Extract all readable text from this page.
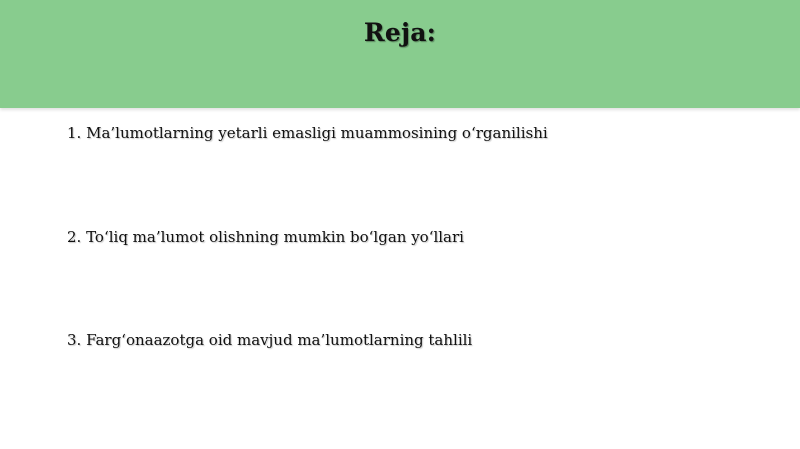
Reja:
1. Ma’lumotlarning yetarli emasligi muammosining o‘rganilishi
2. To‘liq ma’lumot olishning mumkin bo‘lgan yo‘llari
3. Farg‘onaazotga oid mavjud ma’lumotlarning tahlili
